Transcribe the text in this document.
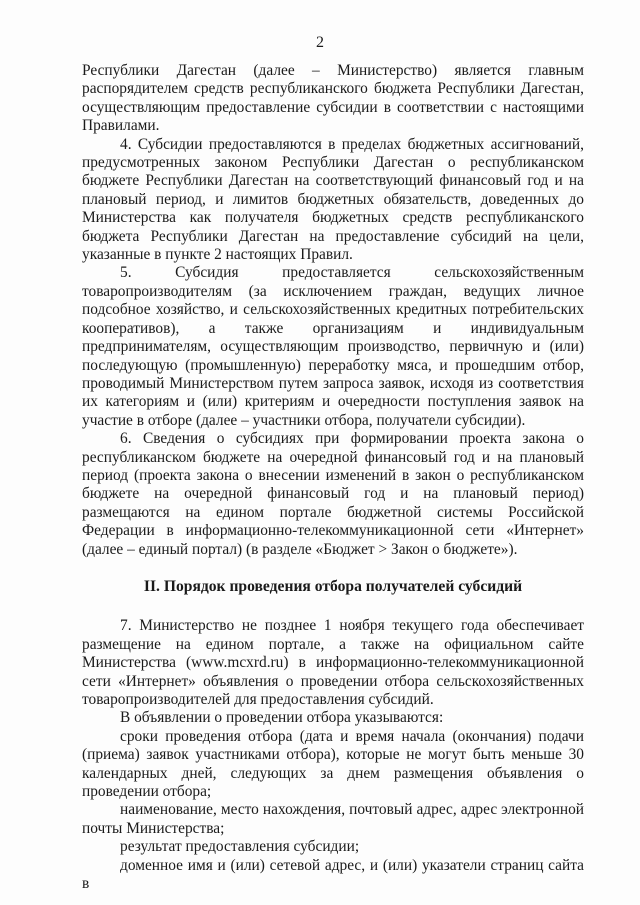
2

Республики Дагестан (далее – Министерство) является главным распорядителем средств республиканского бюджета Республики Дагестан, осуществляющим предоставление субсидии в соответствии с настоящими Правилами.

4. Субсидии предоставляются в пределах бюджетных ассигнований, предусмотренных законом Республики Дагестан о республиканском бюджете Республики Дагестан на соответствующий финансовый год и на плановый период, и лимитов бюджетных обязательств, доведенных до Министерства как получателя бюджетных средств республиканского бюджета Республики Дагестан на предоставление субсидий на цели, указанные в пункте 2 настоящих Правил.

5. Субсидия предоставляется сельскохозяйственным товаропроизводителям (за исключением граждан, ведущих личное подсобное хозяйство, и сельскохозяйственных кредитных потребительских кооперативов), а также организациям и индивидуальным предпринимателям, осуществляющим производство, первичную и (или) последующую (промышленную) переработку мяса, и прошедшим отбор, проводимый Министерством путем запроса заявок, исходя из соответствия их категориям и (или) критериям и очередности поступления заявок на участие в отборе (далее – участники отбора, получатели субсидии).

6. Сведения о субсидиях при формировании проекта закона о республиканском бюджете на очередной финансовый год и на плановый период (проекта закона о внесении изменений в закон о республиканском бюджете на очередной финансовый год и на плановый период) размещаются на едином портале бюджетной системы Российской Федерации в информационно-телекоммуникационной сети «Интернет» (далее – единый портал) (в разделе «Бюджет > Закон о бюджете»).

II. Порядок проведения отбора получателей субсидий

7. Министерство не позднее 1 ноября текущего года обеспечивает размещение на едином портале, а также на официальном сайте Министерства (www.mcxrd.ru) в информационно-телекоммуникационной сети «Интернет» объявления о проведении отбора сельскохозяйственных товаропроизводителей для предоставления субсидий.

В объявлении о проведении отбора указываются:

сроки проведения отбора (дата и время начала (окончания) подачи (приема) заявок участниками отбора), которые не могут быть меньше 30 календарных дней, следующих за днем размещения объявления о проведении отбора;

наименование, место нахождения, почтовый адрес, адрес электронной почты Министерства;

результат предоставления субсидии;

доменное имя и (или) сетевой адрес, и (или) указатели страниц сайта в
